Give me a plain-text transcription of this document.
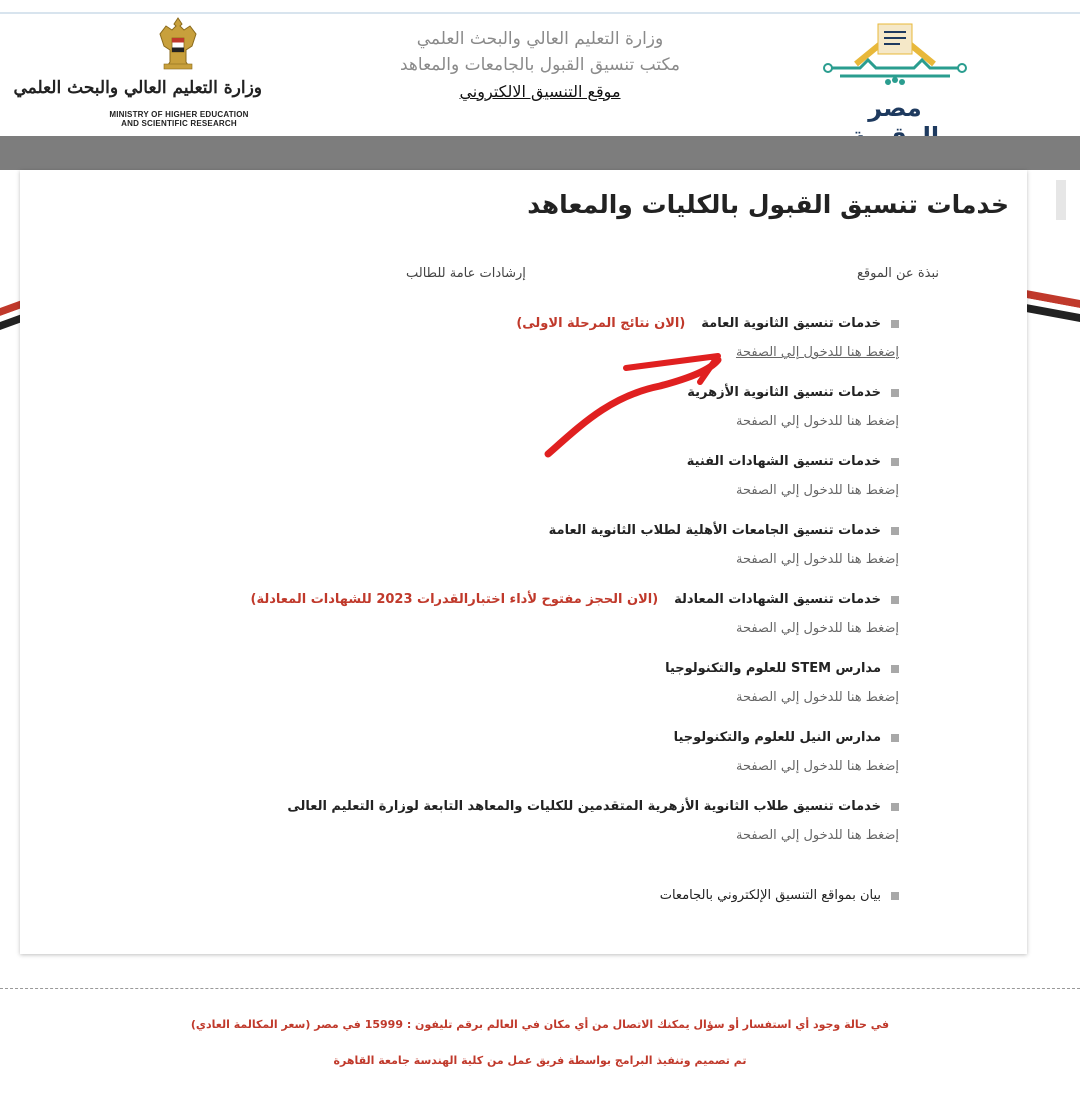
وزارة التعليم العالي والبحث العلمي
MINISTRY OF HIGHER EDUCATION
AND SCIENTIFIC RESEARCH
وزارة التعليم العالي والبحث العلمي
مكتب تنسيق القبول بالجامعات والمعاهد
موقع التنسيق الالكتروني
مصر
خدمات تنسيق القبول بالكليات والمعاهد
نبذة عن الموقع
إرشادات عامة للطالب
خدمات تنسيق الثانوية العامة
(الان نتائج المرحلة الاولى)
إضغط هنا للدخول إلي الصفحة
خدمات تنسيق الثانوية الأزهرية
إضغط هنا للدخول إلي الصفحة
خدمات تنسيق الشهادات الفنية
إضغط هنا للدخول إلي الصفحة
خدمات تنسيق الجامعات الأهلية لطلاب الثانوية العامة
إضغط هنا للدخول إلي الصفحة
خدمات تنسيق الشهادات المعادلة
(الان الحجز مفتوح لأداء اختبارالقدرات 2023 للشهادات المعادلة)
إضغط هنا للدخول إلي الصفحة
مدارس STEM للعلوم والتكنولوجيا
إضغط هنا للدخول إلي الصفحة
مدارس النيل للعلوم والتكنولوجيا
إضغط هنا للدخول إلي الصفحة
خدمات تنسيق طلاب الثانوية الأزهرية المتقدمين للكليات والمعاهد التابعة لوزارة التعليم العالى
إضغط هنا للدخول إلي الصفحة
بيان بمواقع التنسيق الإلكتروني بالجامعات
في حالة وجود أي استفسار أو سؤال يمكنك الاتصال من أي مكان في العالم برقم تليفون : 15999 في مصر (سعر المكالمة العادي)
تم تصميم وتنفيذ البرامج بواسطة فريق عمل من كلية الهندسة جامعة القاهرة
